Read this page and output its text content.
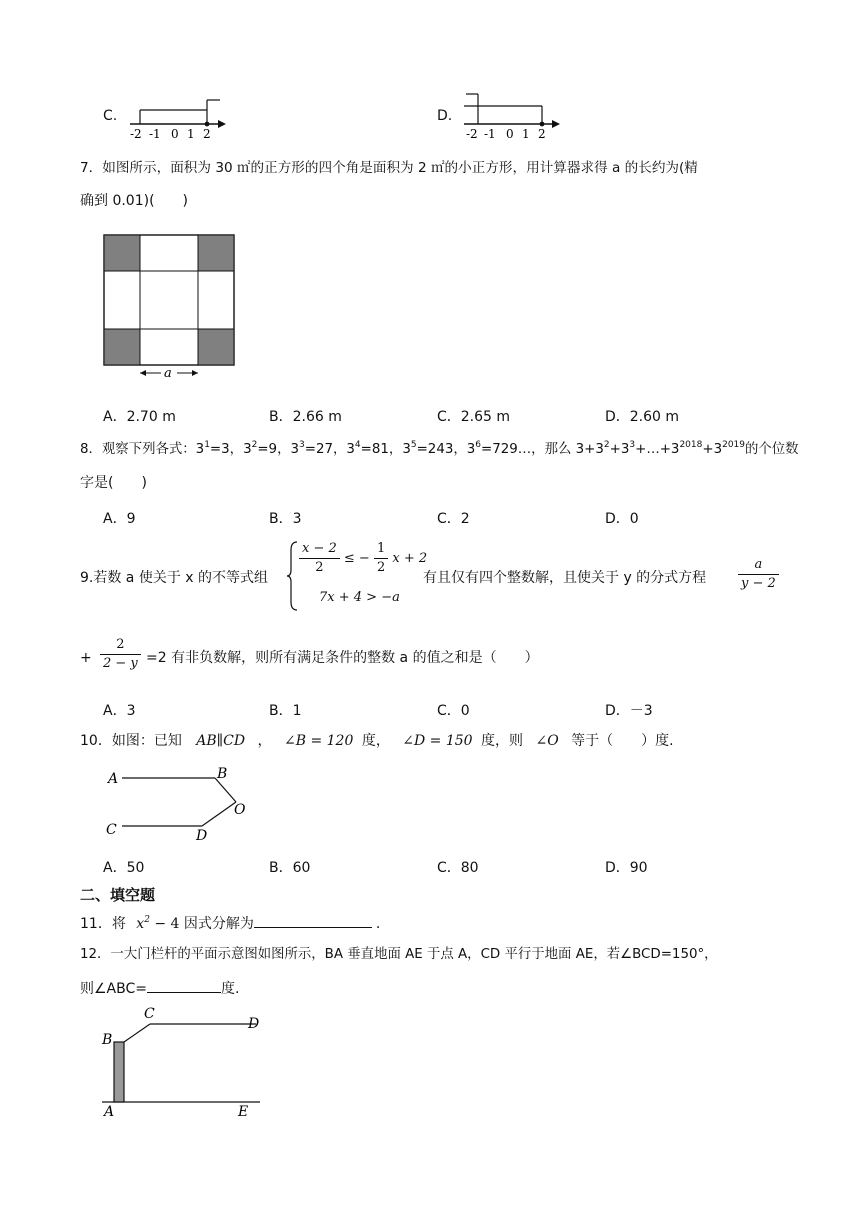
C.
-2 -1 0 1 2
D.
-2 -1 0 1 2
7．如图所示，面积为 30 ㎡的正方形的四个角是面积为 2 ㎡的小正方形，用计算器求得 a 的长约为(精
确到 0.01)(　　)
a
A．2.70 m	B．2.66 m	C．2.65 m	D．2.60 m
8．观察下列各式：$3^1=3$，$3^2=9$，$3^3=27$，$3^4=81$，$3^5=243$，$3^6=729\dots$，那么 $3+3^2+3^3+\dots+3^{2018}+3^{2019}$的个位数
字是(　　)
A．9	B．3	C．2	D．0
9.若数 a 使关于 x 的不等式组
$\frac{x - 2}{2}$ ≤ − $\frac{1}{2}$ x + 2
7x + 4 > −a
有且仅有四个整数解，且使关于 y 的分式方程 $\frac{a}{y - 2}$
+ $\frac{2}{2 - y} =2$ 有非负数解，则所有满足条件的整数 a 的值之和是（　　）
A．3	B．1	C．0	D．－3
10．如图：已知 AB∥CD ， ∠B = 120 度， ∠D = 150 度，则 ∠O 等于（　　）度.
A	B
O
C	D
A．50	B．60	C．80	D．90
二、填空题
11．将 $x^2 - 4$ 因式分解为	.
12．一大门栏杆的平面示意图如图所示，BA 垂直地面 AE 于点 A，CD 平行于地面 AE，若∠BCD=150°，
则∠ABC=	度.
B
C
D
A	E
